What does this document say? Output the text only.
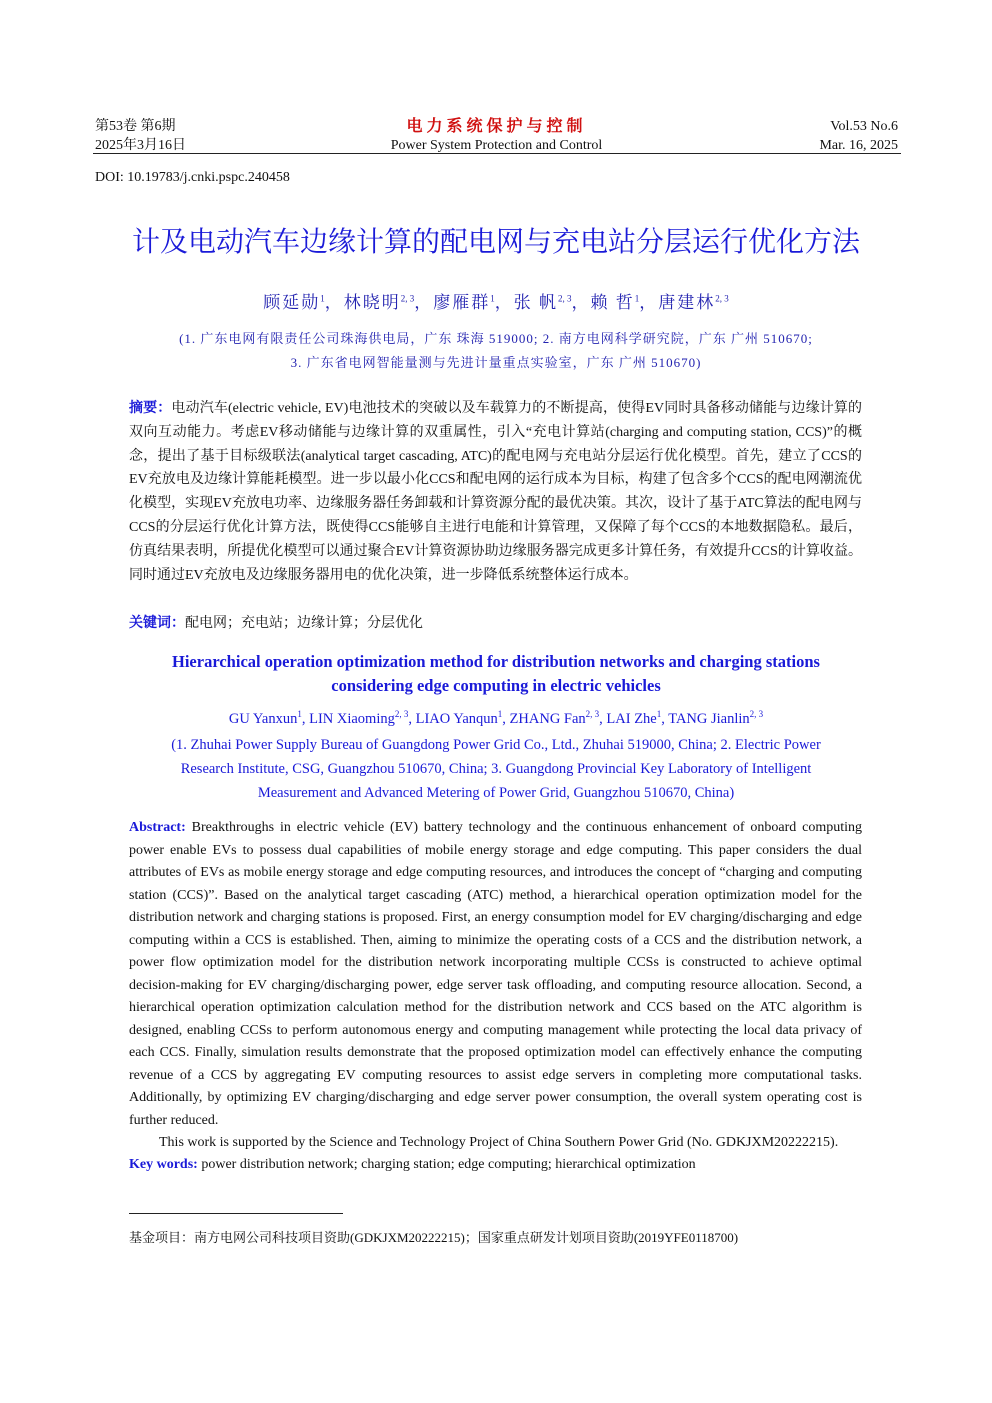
第53卷 第6期
2025年3月16日
电力系统保护与控制
Power System Protection and Control
Vol.53 No.6
Mar. 16, 2025
DOI: 10.19783/j.cnki.pspc.240458
计及电动汽车边缘计算的配电网与充电站分层运行优化方法
顾延勋$^1$，林晓明$^{2, 3}$，廖雁群$^1$，张 帆$^{2, 3}$，赖 哲$^1$，唐建林$^{2, 3}$
(1. 广东电网有限责任公司珠海供电局，广东 珠海 519000; 2. 南方电网科学研究院，广东 广州 510670;
3. 广东省电网智能量测与先进计量重点实验室，广东 广州 510670)
摘要：电动汽车(electric vehicle, EV)电池技术的突破以及车载算力的不断提高，使得EV同时具备移动储能与边缘计算的双向互动能力。考虑EV移动储能与边缘计算的双重属性，引入“充电计算站(charging and computing station, CCS)”的概念，提出了基于目标级联法(analytical target cascading, ATC)的配电网与充电站分层运行优化模型。首先，建立了CCS的EV充放电及边缘计算能耗模型。进一步以最小化CCS和配电网的运行成本为目标，构建了包含多个CCS的配电网潮流优化模型，实现EV充放电功率、边缘服务器任务卸载和计算资源分配的最优决策。其次，设计了基于ATC算法的配电网与CCS的分层运行优化计算方法，既使得CCS能够自主进行电能和计算管理，又保障了每个CCS的本地数据隐私。最后，仿真结果表明，所提优化模型可以通过聚合EV计算资源协助边缘服务器完成更多计算任务，有效提升CCS的计算收益。同时通过EV充放电及边缘服务器用电的优化决策，进一步降低系统整体运行成本。
关键词：配电网；充电站；边缘计算；分层优化
Hierarchical operation optimization method for distribution networks and charging stations
considering edge computing in electric vehicles
GU Yanxun$^1$, LIN Xiaoming$^{2, 3}$, LIAO Yanqun$^1$, ZHANG Fan$^{2, 3}$, LAI Zhe$^1$, TANG Jianlin$^{2, 3}$
(1. Zhuhai Power Supply Bureau of Guangdong Power Grid Co., Ltd., Zhuhai 519000, China; 2. Electric Power Research Institute, CSG, Guangzhou 510670, China; 3. Guangdong Provincial Key Laboratory of Intelligent Measurement and Advanced Metering of Power Grid, Guangzhou 510670, China)
Abstract: Breakthroughs in electric vehicle (EV) battery technology and the continuous enhancement of onboard computing power enable EVs to possess dual capabilities of mobile energy storage and edge computing. This paper considers the dual attributes of EVs as mobile energy storage and edge computing resources, and introduces the concept of “charging and computing station (CCS)”. Based on the analytical target cascading (ATC) method, a hierarchical operation optimization model for the distribution network and charging stations is proposed. First, an energy consumption model for EV charging/discharging and edge computing within a CCS is established. Then, aiming to minimize the operating costs of a CCS and the distribution network, a power flow optimization model for the distribution network incorporating multiple CCSs is constructed to achieve optimal decision-making for EV charging/discharging power, edge server task offloading, and computing resource allocation. Second, a hierarchical operation optimization calculation method for the distribution network and CCS based on the ATC algorithm is designed, enabling CCSs to perform autonomous energy and computing management while protecting the local data privacy of each CCS. Finally, simulation results demonstrate that the proposed optimization model can effectively enhance the computing revenue of a CCS by aggregating EV computing resources to assist edge servers in completing more computational tasks. Additionally, by optimizing EV charging/discharging and edge server power consumption, the overall system operating cost is further reduced.
This work is supported by the Science and Technology Project of China Southern Power Grid (No. GDKJXM20222215).
Key words: power distribution network; charging station; edge computing; hierarchical optimization
基金项目：南方电网公司科技项目资助(GDKJXM20222215)；国家重点研发计划项目资助(2019YFE0118700)
